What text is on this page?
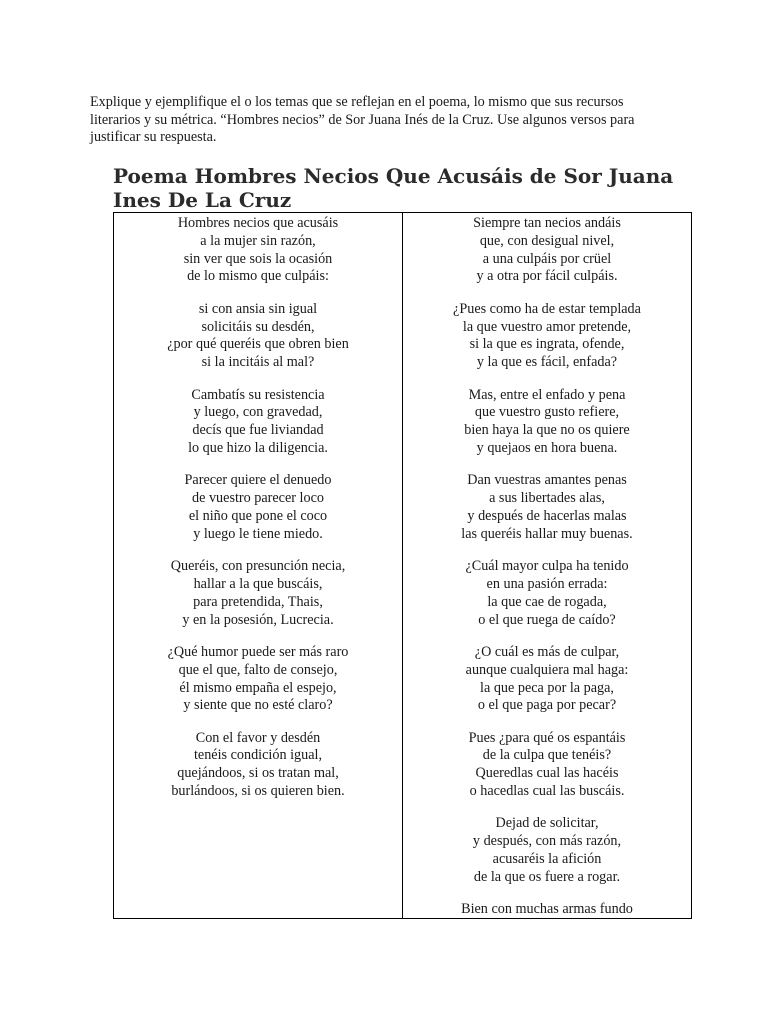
Explique y ejemplifique el o los temas que se reflejan en el poema, lo mismo que sus recursos
literarios y su métrica. “Hombres necios” de Sor Juana Inés de la Cruz. Use algunos versos para
justificar su respuesta.
Poema Hombres Necios Que Acusáis de Sor Juana
Ines De La Cruz
Hombres necios que acusáis
a la mujer sin razón,
sin ver que sois la ocasión
de lo mismo que culpáis:
si con ansia sin igual
solicitáis su desdén,
¿por qué queréis que obren bien
si la incitáis al mal?
Cambatís su resistencia
y luego, con gravedad,
decís que fue liviandad
lo que hizo la diligencia.
Parecer quiere el denuedo
de vuestro parecer loco
el niño que pone el coco
y luego le tiene miedo.
Queréis, con presunción necia,
hallar a la que buscáis,
para pretendida, Thais,
y en la posesión, Lucrecia.
¿Qué humor puede ser más raro
que el que, falto de consejo,
él mismo empaña el espejo,
y siente que no esté claro?
Con el favor y desdén
tenéis condición igual,
quejándoos, si os tratan mal,
burlándoos, si os quieren bien.
Siempre tan necios andáis
que, con desigual nivel,
a una culpáis por crüel
y a otra por fácil culpáis.
¿Pues como ha de estar templada
la que vuestro amor pretende,
si la que es ingrata, ofende,
y la que es fácil, enfada?
Mas, entre el enfado y pena
que vuestro gusto refiere,
bien haya la que no os quiere
y quejaos en hora buena.
Dan vuestras amantes penas
a sus libertades alas,
y después de hacerlas malas
las queréis hallar muy buenas.
¿Cuál mayor culpa ha tenido
en una pasión errada:
la que cae de rogada,
o el que ruega de caído?
¿O cuál es más de culpar,
aunque cualquiera mal haga:
la que peca por la paga,
o el que paga por pecar?
Pues ¿para qué os espantáis
de la culpa que tenéis?
Queredlas cual las hacéis
o hacedlas cual las buscáis.
Dejad de solicitar,
y después, con más razón,
acusaréis la afición
de la que os fuere a rogar.
Bien con muchas armas fundo
